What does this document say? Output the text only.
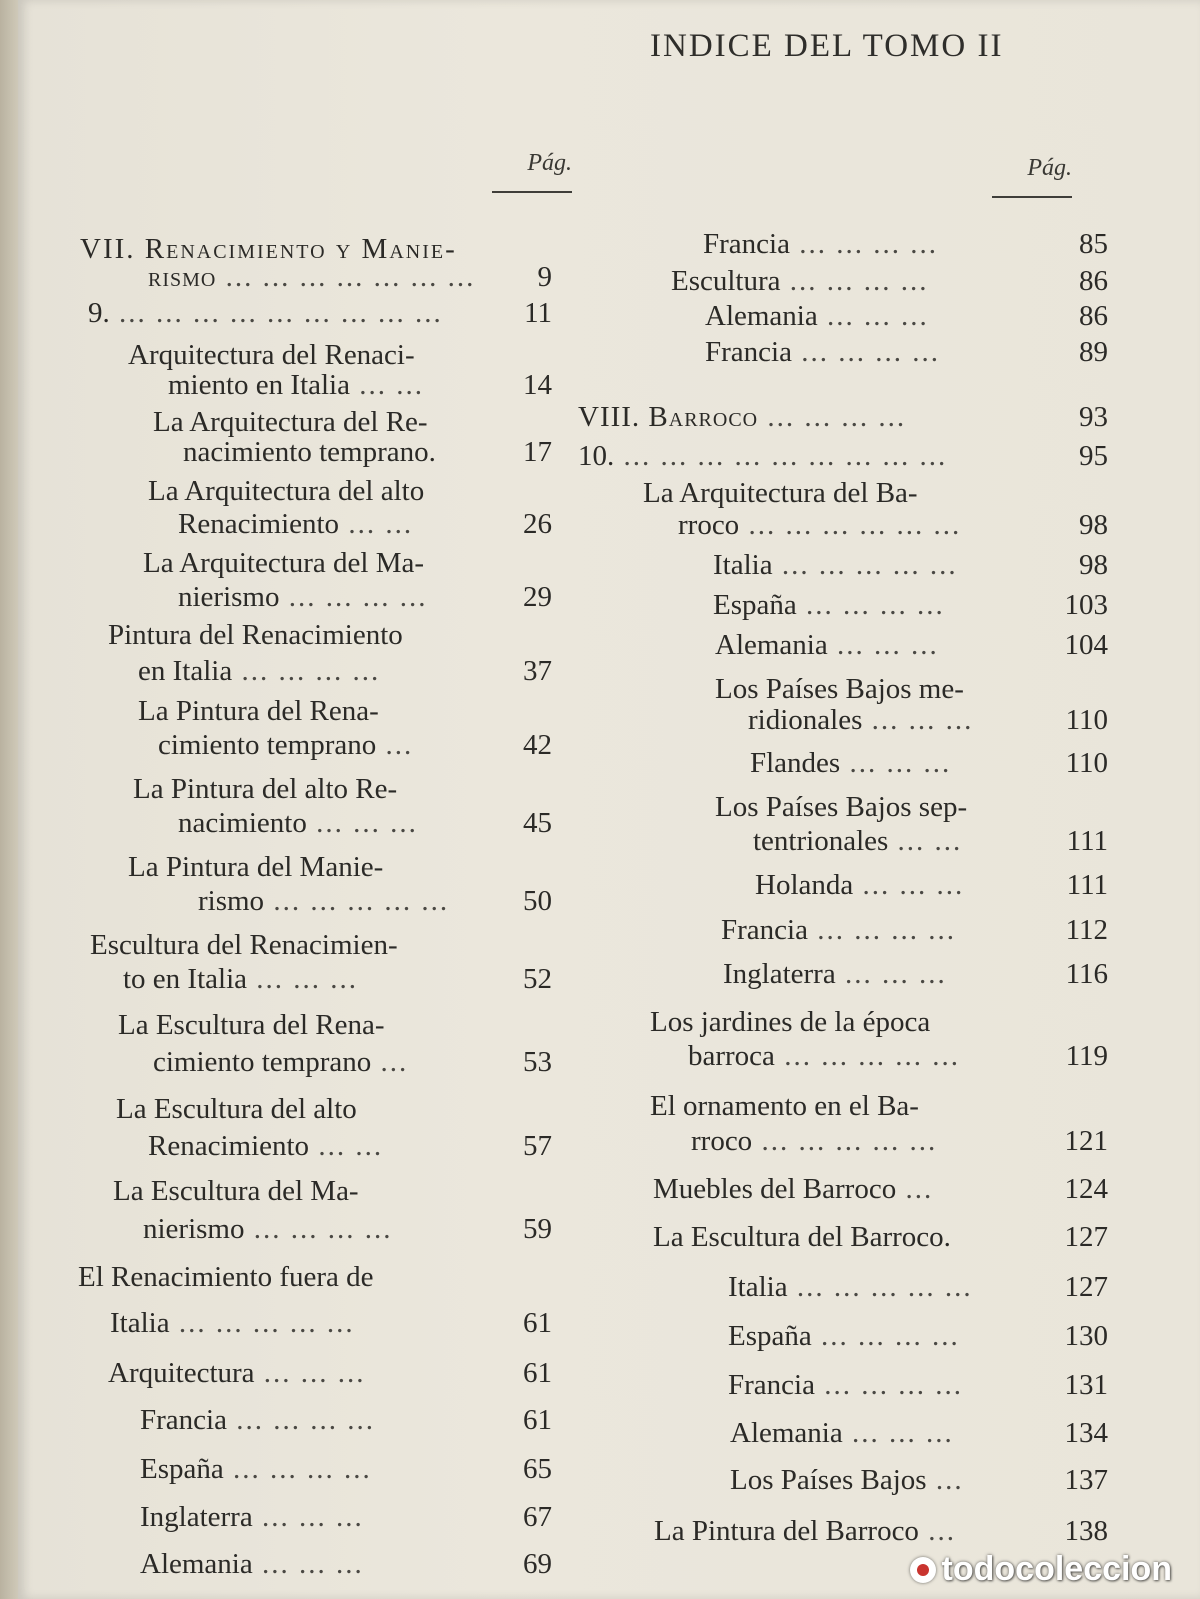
INDICE DEL TOMO II
Pág.	Pág.
VII. Renacimiento y Manie-
rismo ... ... ... ... ... ... ...	9
9. ... ... ... ... ... ... ... ... ...	11
Arquitectura del Renaci-
miento en Italia ... ...	14
La Arquitectura del Re-
nacimiento temprano.	17
La Arquitectura del alto
Renacimiento ... ...	26
La Arquitectura del Ma-
nierismo ... ... ... ...	29
Pintura del Renacimiento
en Italia ... ... ... ...	37
La Pintura del Rena-
cimiento temprano ...	42
La Pintura del alto Re-
nacimiento ... ... ...	45
La Pintura del Manie-
rismo ... ... ... ... ...	50
Escultura del Renacimien-
to en Italia ... ... ...	52
La Escultura del Rena-
cimiento temprano ...	53
La Escultura del alto
Renacimiento ... ...	57
La Escultura del Ma-
nierismo ... ... ... ...	59
El Renacimiento fuera de
Italia ... ... ... ... ...	61
Arquitectura ... ... ...	61
Francia ... ... ... ...	61
España ... ... ... ...	65
Inglaterra ... ... ...	67
Alemania ... ... ...	69
Francia ... ... ... ...	85
Escultura ... ... ... ...	86
Alemania ... ... ...	86
Francia ... ... ... ...	89
VIII. Barroco ... ... ... ...	93
10. ... ... ... ... ... ... ... ... ...	95
La Arquitectura del Ba-
rroco ... ... ... ... ... ...	98
Italia ... ... ... ... ...	98
España ... ... ... ...	103
Alemania ... ... ...	104
Los Países Bajos me-
ridionales ... ... ...	110
Flandes ... ... ...	110
Los Países Bajos sep-
tentrionales ... ...	111
Holanda ... ... ...	111
Francia ... ... ... ...	112
Inglaterra ... ... ...	116
Los jardines de la época
barroca ... ... ... ... ...	119
El ornamento en el Ba-
rroco ... ... ... ... ...	121
Muebles del Barroco ...	124
La Escultura del Barroco.	127
Italia ... ... ... ... ...	127
España ... ... ... ...	130
Francia ... ... ... ...	131
Alemania ... ... ...	134
Los Países Bajos ...	137
La Pintura del Barroco ...	138
todocoleccion
